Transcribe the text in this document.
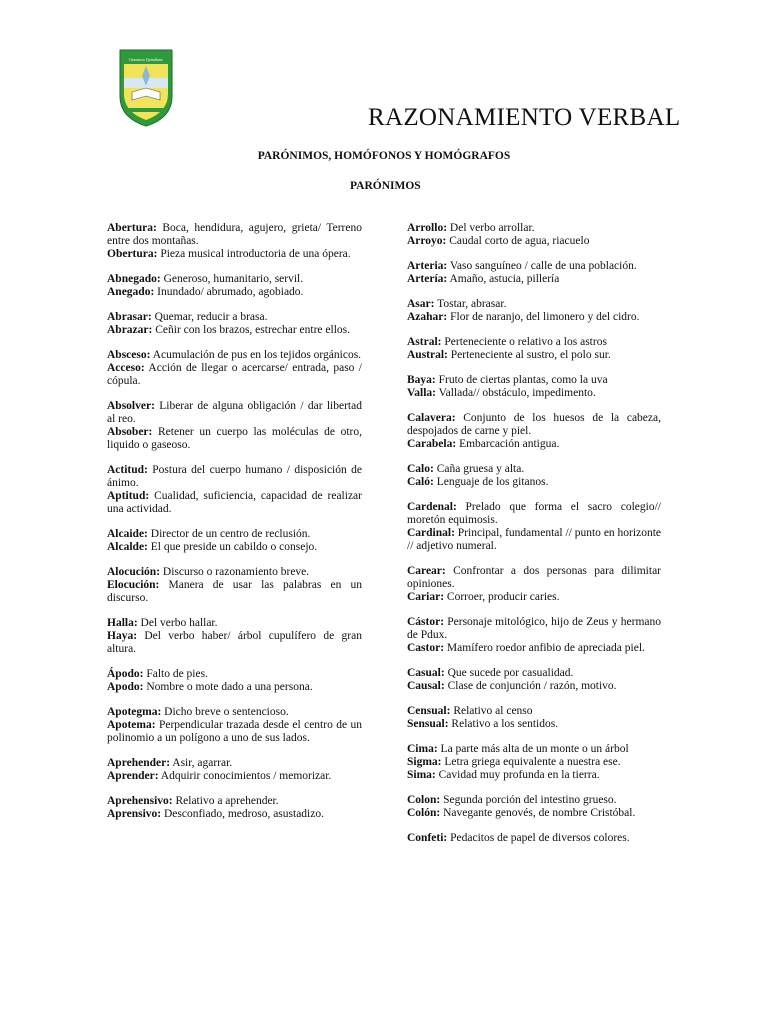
Gimnasio Quindiano
RAZONAMIENTO VERBAL
PARÓNIMOS, HOMÓFONOS Y HOMÓGRAFOS
PARÓNIMOS
Abertura: Boca, hendidura, agujero, grieta/ Terreno entre dos montañas.
Obertura: Pieza musical introductoria de una ópera.
Abnegado: Generoso, humanitario, servil.
Anegado: Inundado/ abrumado, agobiado.
Abrasar: Quemar, reducir a brasa.
Abrazar: Ceñir con los brazos, estrechar entre ellos.
Absceso: Acumulación de pus en los tejidos orgánicos.
Acceso: Acción de llegar o acercarse/ entrada, paso / cópula.
Absolver: Liberar de alguna obligación / dar libertad al reo.
Absober: Retener un cuerpo las moléculas de otro, liquido o gaseoso.
Actitud: Postura del cuerpo humano / disposición de ánimo.
Aptitud: Cualidad, suficiencia, capacidad de realizar una actividad.
Alcaide: Director de un centro de reclusión.
Alcalde: El que preside un cabildo o consejo.
Alocución: Discurso o razonamiento breve.
Elocución: Manera de usar las palabras en un discurso.
Halla: Del verbo hallar.
Haya: Del verbo haber/ árbol cupulífero de gran altura.
Ápodo: Falto de pies.
Apodo: Nombre o mote dado a una persona.
Apotegma: Dicho breve o sentencioso.
Apotema: Perpendicular trazada desde el centro de un polinomio a un polígono a uno de sus lados.
Aprehender: Asir, agarrar.
Aprender: Adquirir conocimientos / memorizar.
Aprehensivo: Relativo a aprehender.
Aprensivo: Desconfiado, medroso, asustadizo.
Arrollo: Del verbo arrollar.
Arroyo: Caudal corto de agua, riacuelo
Arteria: Vaso sanguíneo / calle de una población.
Artería: Amaño, astucia, pillería
Asar: Tostar, abrasar.
Azahar: Flor de naranjo, del limonero y del cidro.
Astral: Perteneciente o relativo a los astros
Austral: Perteneciente al sustro, el polo sur.
Baya: Fruto de ciertas plantas, como la uva
Valla: Vallada// obstáculo, impedimento.
Calavera: Conjunto de los huesos de la cabeza, despojados de carne y piel.
Carabela: Embarcación antigua.
Calo: Caña gruesa y alta.
Caló: Lenguaje de los gitanos.
Cardenal: Prelado que forma el sacro colegio// moretón equimosis.
Cardinal: Principal, fundamental // punto en horizonte // adjetivo numeral.
Carear: Confrontar a dos personas para dilimitar opiniones.
Cariar: Corroer, producir caries.
Cástor: Personaje mitológico, hijo de Zeus y hermano de Pdux.
Castor: Mamífero roedor anfibio de apreciada piel.
Casual: Que sucede por casualidad.
Causal: Clase de conjunción / razón, motivo.
Censual: Relativo al censo
Sensual: Relativo a los sentidos.
Cima: La parte más alta de un monte o un árbol
Sigma: Letra griega equivalente a nuestra ese.
Sima: Cavidad muy profunda en la tierra.
Colon: Segunda porción del intestino grueso.
Colón: Navegante genovés, de nombre Cristóbal.
Confeti: Pedacitos de papel de diversos colores.
